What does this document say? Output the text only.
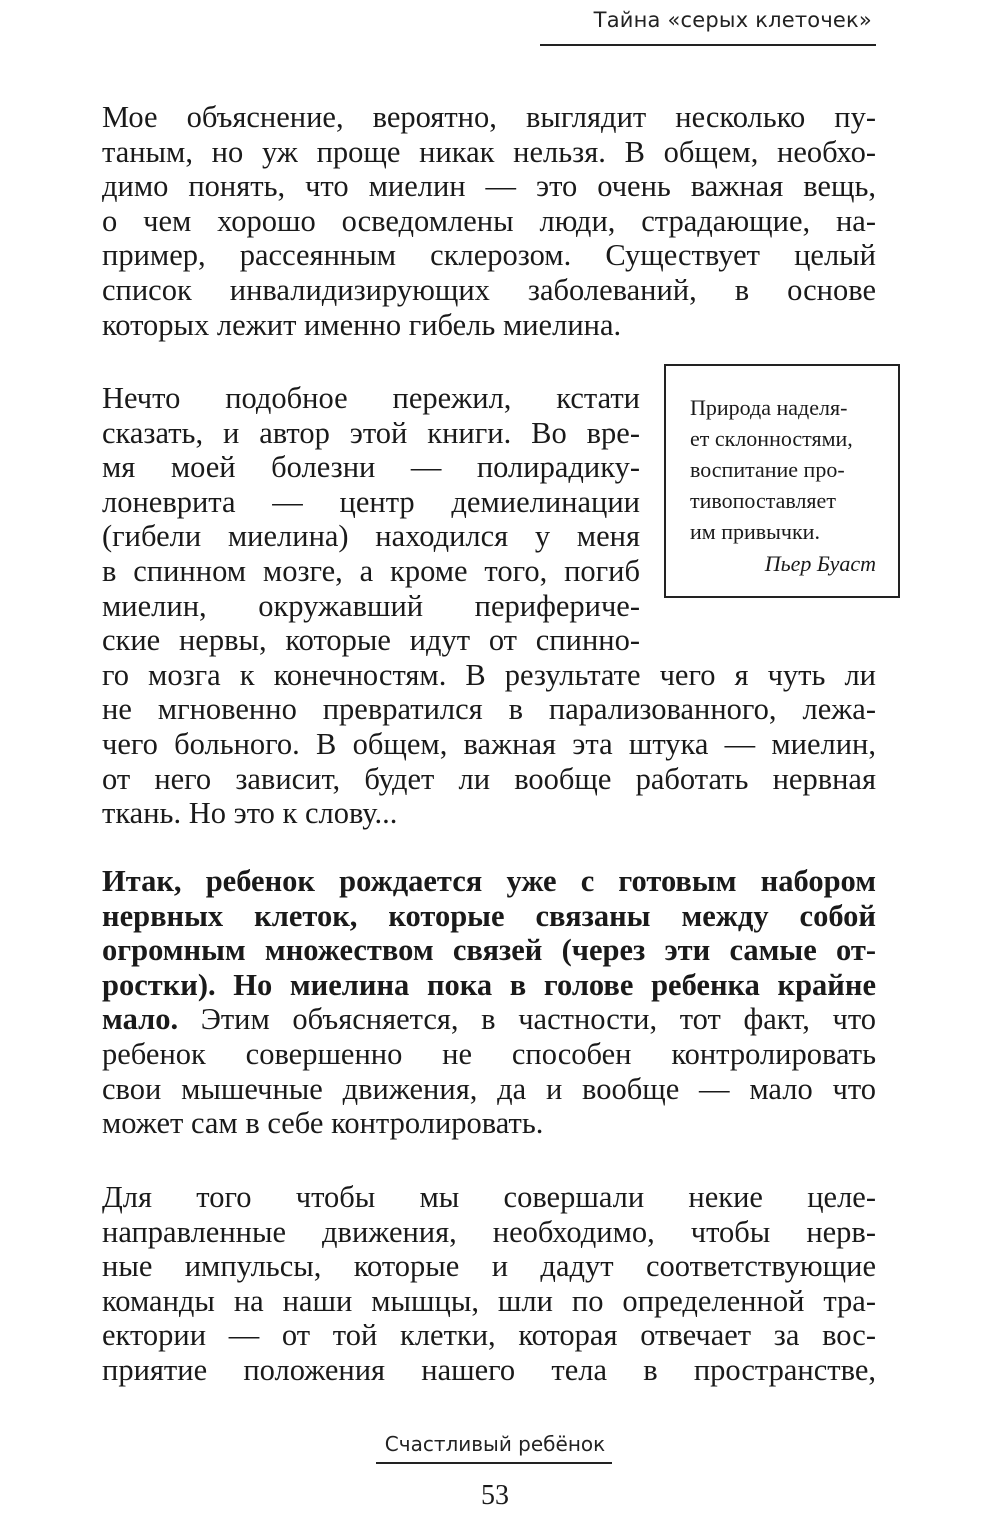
Тайна «серых клеточек»
Мое объяснение, вероятно, выглядит несколько пу-
таным, но уж проще никак нельзя. В общем, необхо-
димо понять, что миелин — это очень важная вещь,
о чем хорошо осведомлены люди, страдающие, на-
пример, рассеянным склерозом. Существует целый
список инвалидизирующих заболеваний, в основе
которых лежит именно гибель миелина.
Нечто подобное пережил, кстати
сказать, и автор этой книги. Во вре-
мя моей болезни — полирадику-
лоневрита — центр демиелинации
(гибели миелина) находился у меня
в спинном мозге, а кроме того, погиб
миелин, окружавший перифериче-
ские нервы, которые идут от спинно-
го мозга к конечностям. В результате чего я чуть ли
не мгновенно превратился в парализованного, лежа-
чего больного. В общем, важная эта штука — миелин,
от него зависит, будет ли вообще работать нервная
ткань. Но это к слову...

Природа наделя-
ет склонностями,
воспитание про-
тивопоставляет
им привычки.

Пьер Буаст
Итак, ребенок рождается уже с готовым набором
нервных клеток, которые связаны между собой
огромным множеством связей (через эти самые от-
ростки). Но миелина пока в голове ребенка крайне
мало. Этим объясняется, в частности, тот факт, что
ребенок совершенно не способен контролировать
свои мышечные движения, да и вообще — мало что
может сам в себе контролировать.
Для того чтобы мы совершали некие целе-
направленные движения, необходимо, чтобы нерв-
ные импульсы, которые и дадут соответствующие
команды на наши мышцы, шли по определенной тра-
ектории — от той клетки, которая отвечает за вос-
приятие положения нашего тела в пространстве,
Счастливый ребёнок
53
